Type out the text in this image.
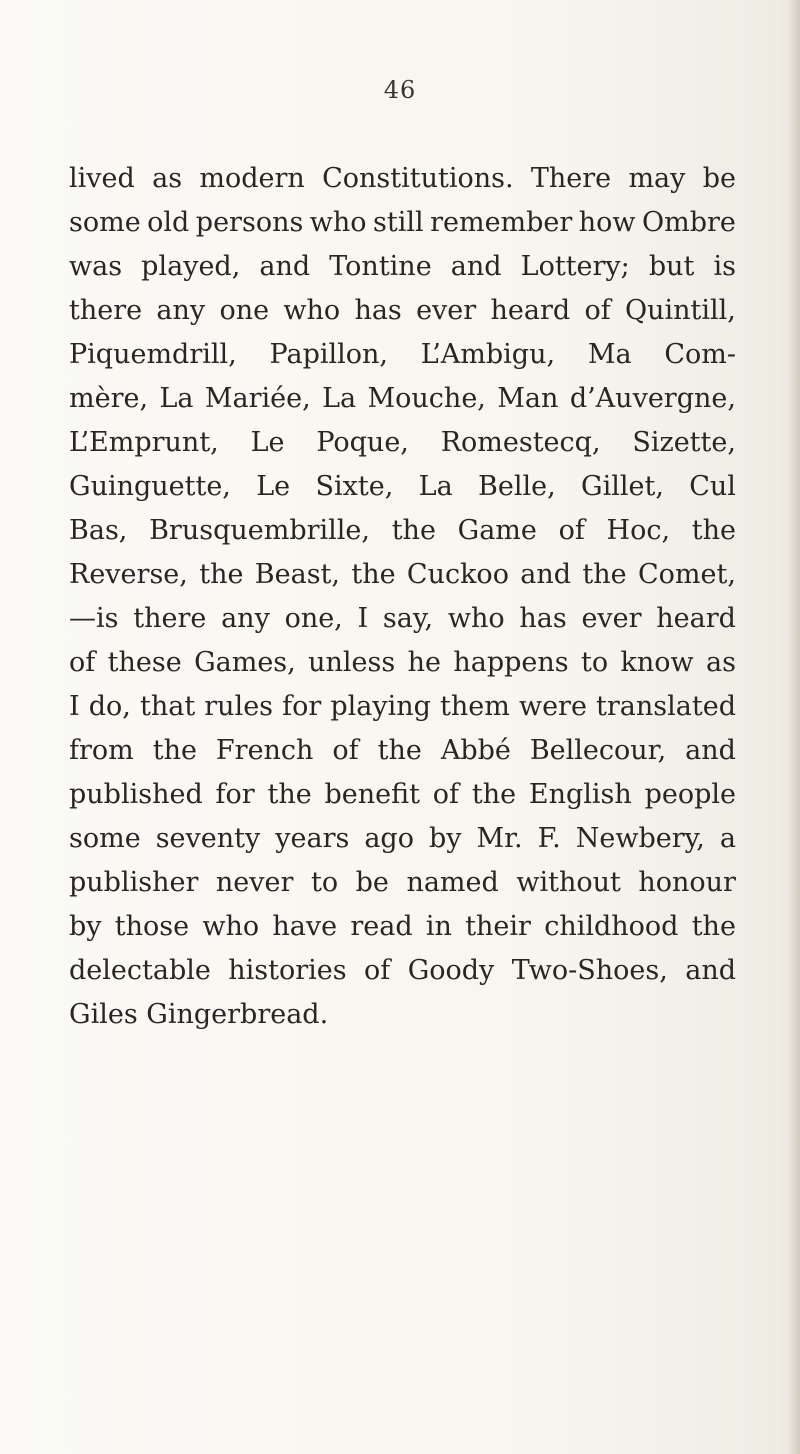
46
lived as modern Constitutions. There may be
some old persons who still remember how Ombre
was played, and Tontine and Lottery; but is
there any one who has ever heard of Quintill,
Piquemdrill, Papillon, L’Ambigu, Ma Com-
mère, La Mariée, La Mouche, Man d’Auvergne,
L’Emprunt, Le Poque, Romestecq, Sizette,
Guinguette, Le Sixte, La Belle, Gillet, Cul
Bas, Brusquembrille, the Game of Hoc, the
Reverse, the Beast, the Cuckoo and the Comet,
—is there any one, I say, who has ever heard
of these Games, unless he happens to know as
I do, that rules for playing them were translated
from the French of the Abbé Bellecour, and
published for the benefit of the English people
some seventy years ago by Mr. F. Newbery, a
publisher never to be named without honour
by those who have read in their childhood the
delectable histories of Goody Two-Shoes, and
Giles
Gingerbread.
